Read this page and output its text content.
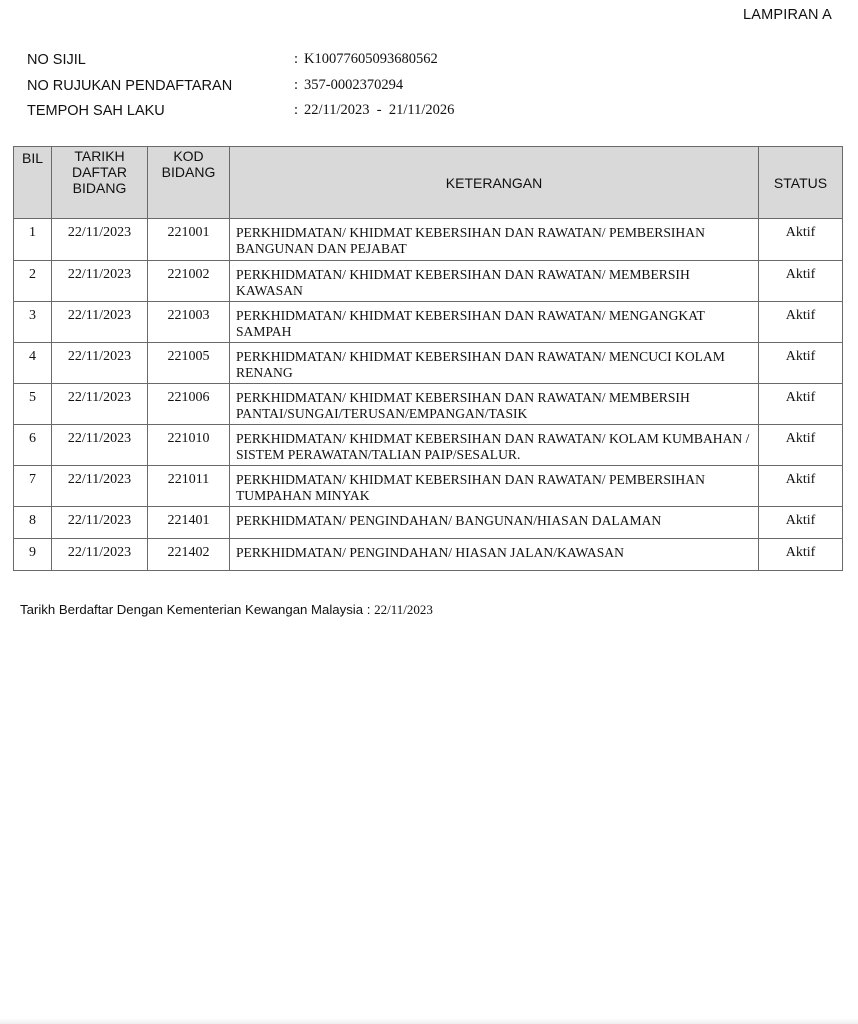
LAMPIRAN A
NO SIJIL	: K10077605093680562
NO RUJUKAN PENDAFTARAN	: 357-0002370294
TEMPOH SAH LAKU	: 22/11/2023  -  21/11/2026
BIL	TARIKH DAFTAR BIDANG	KOD BIDANG	KETERANGAN	STATUS
1	22/11/2023	221001	PERKHIDMATAN/ KHIDMAT KEBERSIHAN DAN RAWATAN/ PEMBERSIHAN BANGUNAN DAN PEJABAT	Aktif
2	22/11/2023	221002	PERKHIDMATAN/ KHIDMAT KEBERSIHAN DAN RAWATAN/ MEMBERSIH KAWASAN	Aktif
3	22/11/2023	221003	PERKHIDMATAN/ KHIDMAT KEBERSIHAN DAN RAWATAN/ MENGANGKAT SAMPAH	Aktif
4	22/11/2023	221005	PERKHIDMATAN/ KHIDMAT KEBERSIHAN DAN RAWATAN/ MENCUCI KOLAM RENANG	Aktif
5	22/11/2023	221006	PERKHIDMATAN/ KHIDMAT KEBERSIHAN DAN RAWATAN/ MEMBERSIH PANTAI/SUNGAI/TERUSAN/EMPANGAN/TASIK	Aktif
6	22/11/2023	221010	PERKHIDMATAN/ KHIDMAT KEBERSIHAN DAN RAWATAN/ KOLAM KUMBAHAN / SISTEM PERAWATAN/TALIAN PAIP/SESALUR.	Aktif
7	22/11/2023	221011	PERKHIDMATAN/ KHIDMAT KEBERSIHAN DAN RAWATAN/ PEMBERSIHAN TUMPAHAN MINYAK	Aktif
8	22/11/2023	221401	PERKHIDMATAN/ PENGINDAHAN/ BANGUNAN/HIASAN DALAMAN	Aktif
9	22/11/2023	221402	PERKHIDMATAN/ PENGINDAHAN/ HIASAN JALAN/KAWASAN	Aktif
Tarikh Berdaftar Dengan Kementerian Kewangan Malaysia : 22/11/2023
